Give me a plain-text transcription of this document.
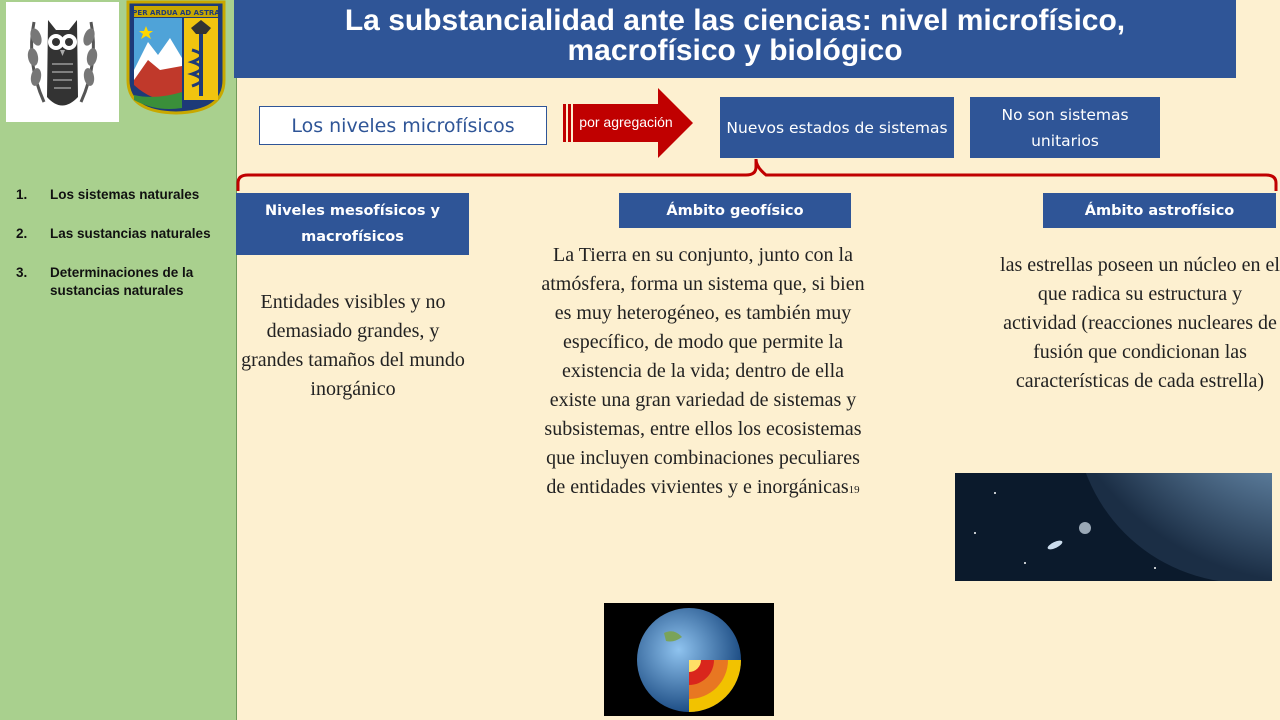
PER ARDUA AD ASTRA
1.	Los sistemas naturales
2.	Las sustancias naturales
3.	Determinaciones de la sustancias naturales
La substancialidad ante las ciencias: nivel microfísico,
macrofísico y biológico
Los niveles microfísicos	por agregación	Nuevos estados de sistemas
No son sistemas unitarios
Niveles mesofísicos y macrofísicos
Ámbito geofísico	Ámbito astrofísico
Entidades visibles y no demasiado grandes, y grandes tamaños del mundo inorgánico
La Tierra en su conjunto, junto con la atmósfera, forma un sistema que, si bien es muy heterogéneo, es también muy específico, de modo que permite la existencia de la vida; dentro de ella existe una gran variedad de sistemas y subsistemas, entre ellos los ecosistemas que incluyen combinaciones peculiares de entidades vivientes y e inorgánicas19
las estrellas poseen un núcleo en el que radica su estructura y actividad (reacciones nucleares de fusión que condicionan las características de cada estrella)
